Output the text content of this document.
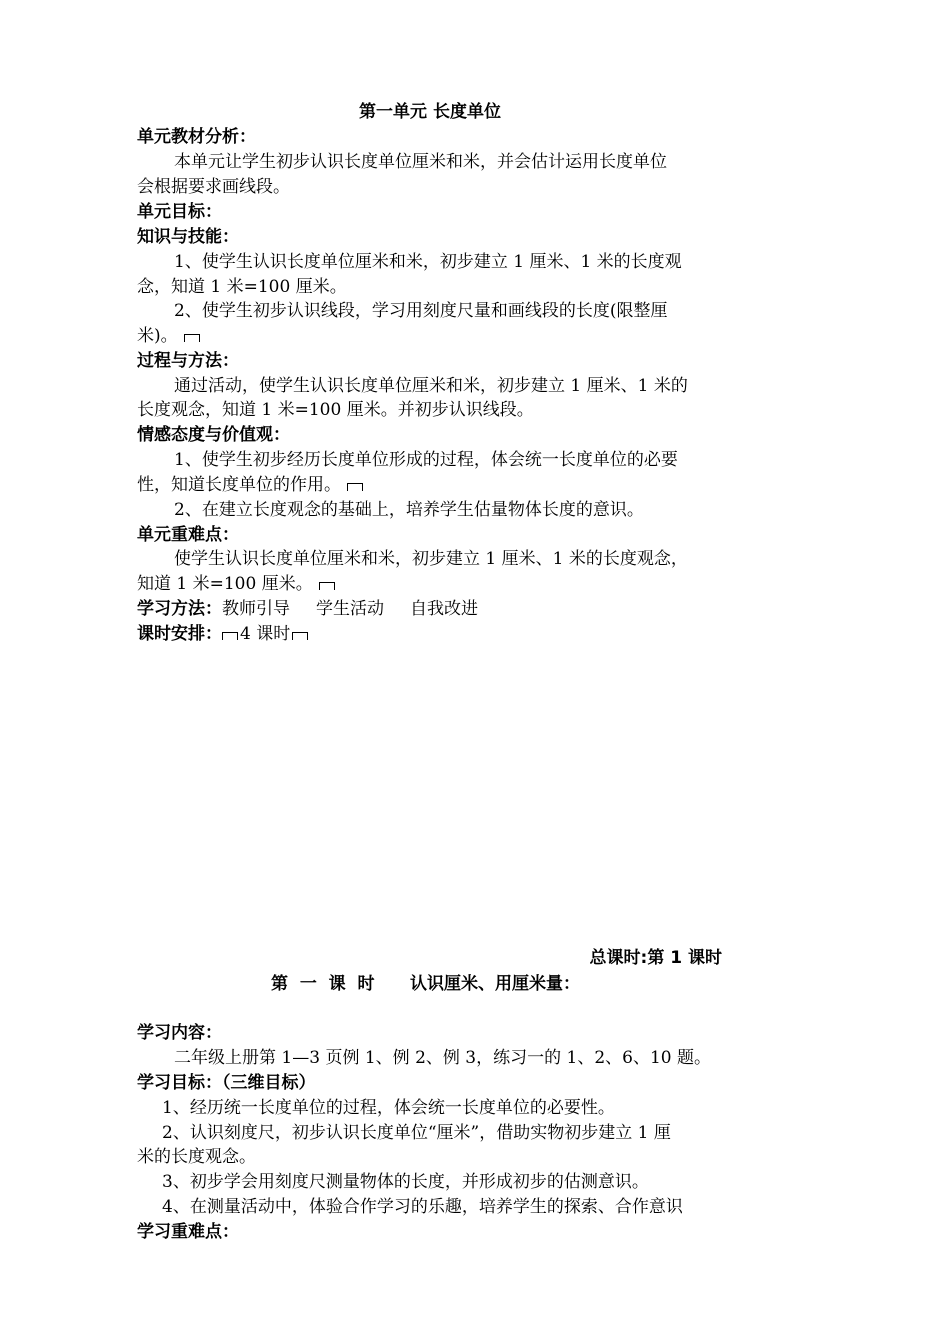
第一单元 长度单位
单元教材分析：
本单元让学生初步认识长度单位厘米和米，并会估计运用长度单位
会根据要求画线段。
单元目标：
知识与技能：
1、使学生认识长度单位厘米和米，初步建立 1 厘米、1 米的长度观
念，知道 1 米=100 厘米。
2、使学生初步认识线段，学习用刻度尺量和画线段的长度(限整厘
米)。
过程与方法：
通过活动，使学生认识长度单位厘米和米，初步建立 1 厘米、1 米的
长度观念，知道 1 米=100 厘米。并初步认识线段。
情感态度与价值观：
1、使学生初步经历长度单位形成的过程，体会统一长度单位的必要
性，知道长度单位的作用。
2、在建立长度观念的基础上，培养学生估量物体长度的意识。
单元重难点：
使学生认识长度单位厘米和米，初步建立 1 厘米、1 米的长度观念，
知道 1 米=100 厘米。
学习方法：教师引导 学生活动 自我改进
课时安排： 4 课时
总课时:第 1 课时
第  一  课  时      认识厘米、用厘米量：
学习内容：
二年级上册第 1—3 页例 1、例 2、例 3，练习一的 1、2、6、10 题。
学习目标：（三维目标）
1、经历统一长度单位的过程，体会统一长度单位的必要性。
2、认识刻度尺，初步认识长度单位“厘米”，借助实物初步建立 1 厘
米的长度观念。
3、初步学会用刻度尺测量物体的长度，并形成初步的估测意识。
4、在测量活动中，体验合作学习的乐趣，培养学生的探索、合作意识
学习重难点：
